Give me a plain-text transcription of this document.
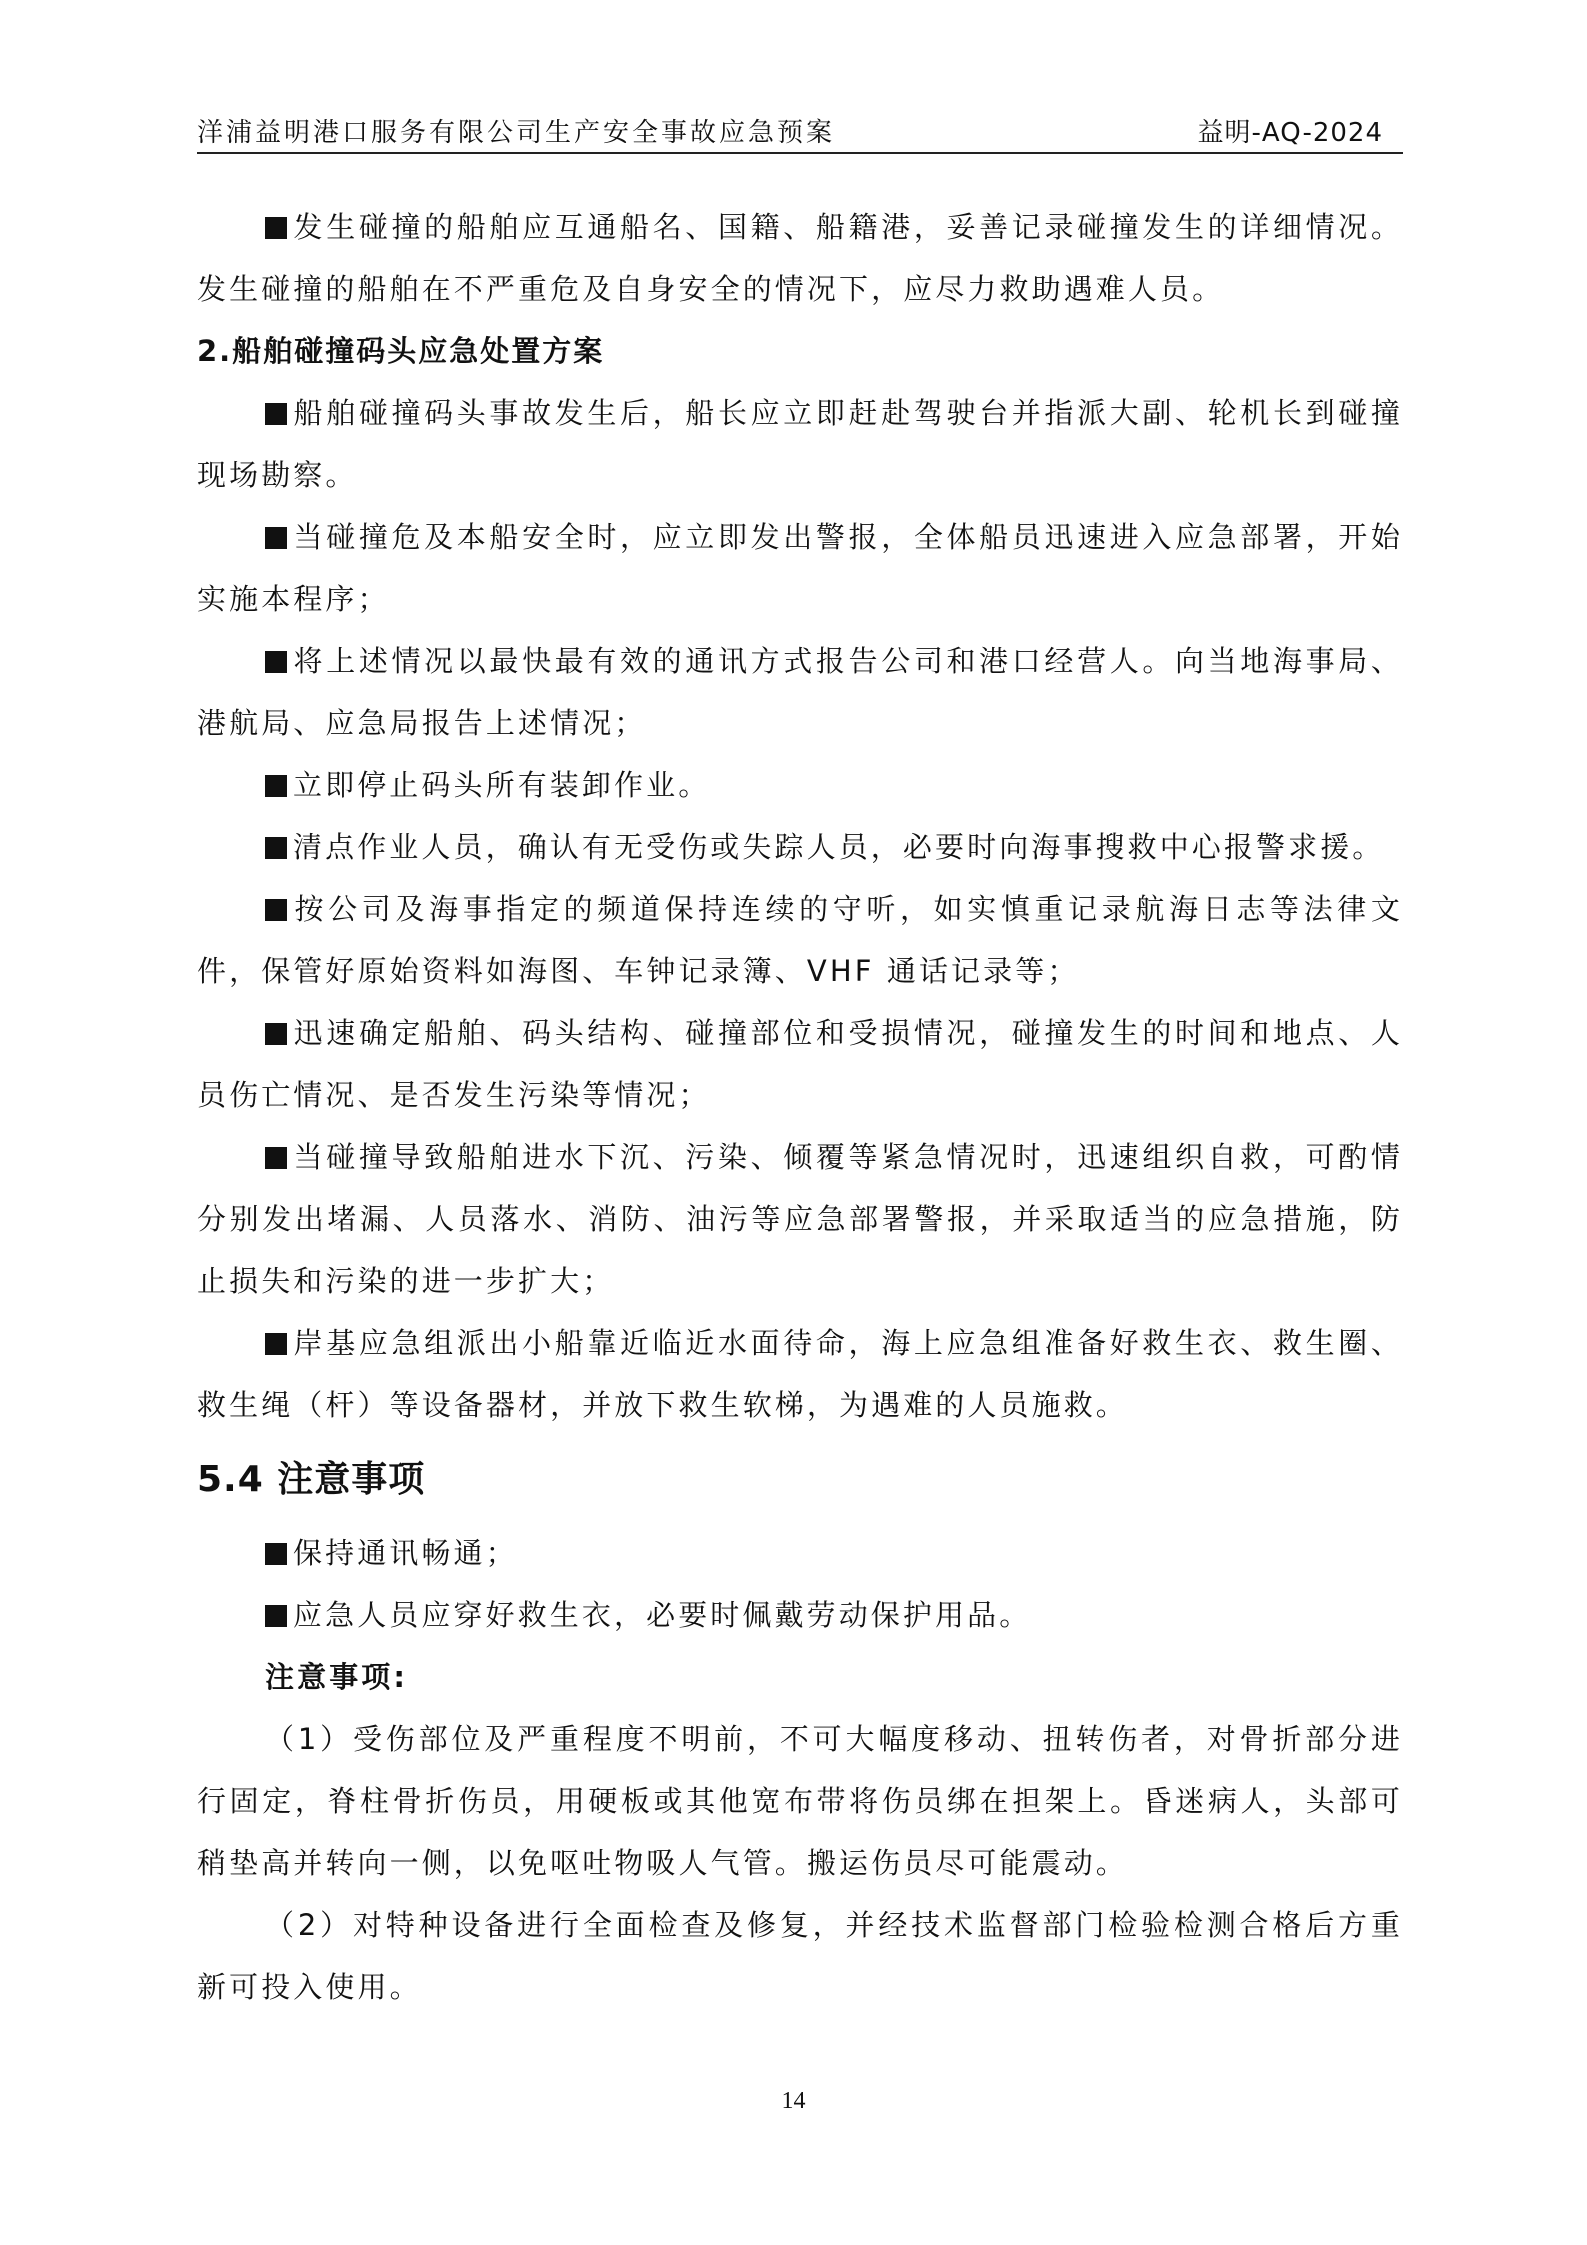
洋浦益明港口服务有限公司生产安全事故应急预案	益明-AQ-2024

发生碰撞的船舶应互通船名、国籍、船籍港，妥善记录碰撞发生的详细情况。发生碰撞的船舶在不严重危及自身安全的情况下，应尽力救助遇难人员。

2.船舶碰撞码头应急处置方案

船舶碰撞码头事故发生后，船长应立即赶赴驾驶台并指派大副、轮机长到碰撞现场勘察。

当碰撞危及本船安全时，应立即发出警报，全体船员迅速进入应急部署，开始实施本程序；

将上述情况以最快最有效的通讯方式报告公司和港口经营人。向当地海事局、港航局、应急局报告上述情况；

立即停止码头所有装卸作业。

清点作业人员，确认有无受伤或失踪人员，必要时向海事搜救中心报警求援。

按公司及海事指定的频道保持连续的守听，如实慎重记录航海日志等法律文件，保管好原始资料如海图、车钟记录簿、VHF 通话记录等；

迅速确定船舶、码头结构、碰撞部位和受损情况，碰撞发生的时间和地点、人员伤亡情况、是否发生污染等情况；

当碰撞导致船舶进水下沉、污染、倾覆等紧急情况时，迅速组织自救，可酌情分别发出堵漏、人员落水、消防、油污等应急部署警报，并采取适当的应急措施，防止损失和污染的进一步扩大；

岸基应急组派出小船靠近临近水面待命，海上应急组准备好救生衣、救生圈、救生绳（杆）等设备器材，并放下救生软梯，为遇难的人员施救。

5.4 注意事项

保持通讯畅通；

应急人员应穿好救生衣，必要时佩戴劳动保护用品。

注意事项:

（1）受伤部位及严重程度不明前，不可大幅度移动、扭转伤者，对骨折部分进行固定，脊柱骨折伤员，用硬板或其他宽布带将伤员绑在担架上。昏迷病人，头部可稍垫高并转向一侧，以免呕吐物吸人气管。搬运伤员尽可能震动。

（2）对特种设备进行全面检查及修复，并经技术监督部门检验检测合格后方重新可投入使用。

14
